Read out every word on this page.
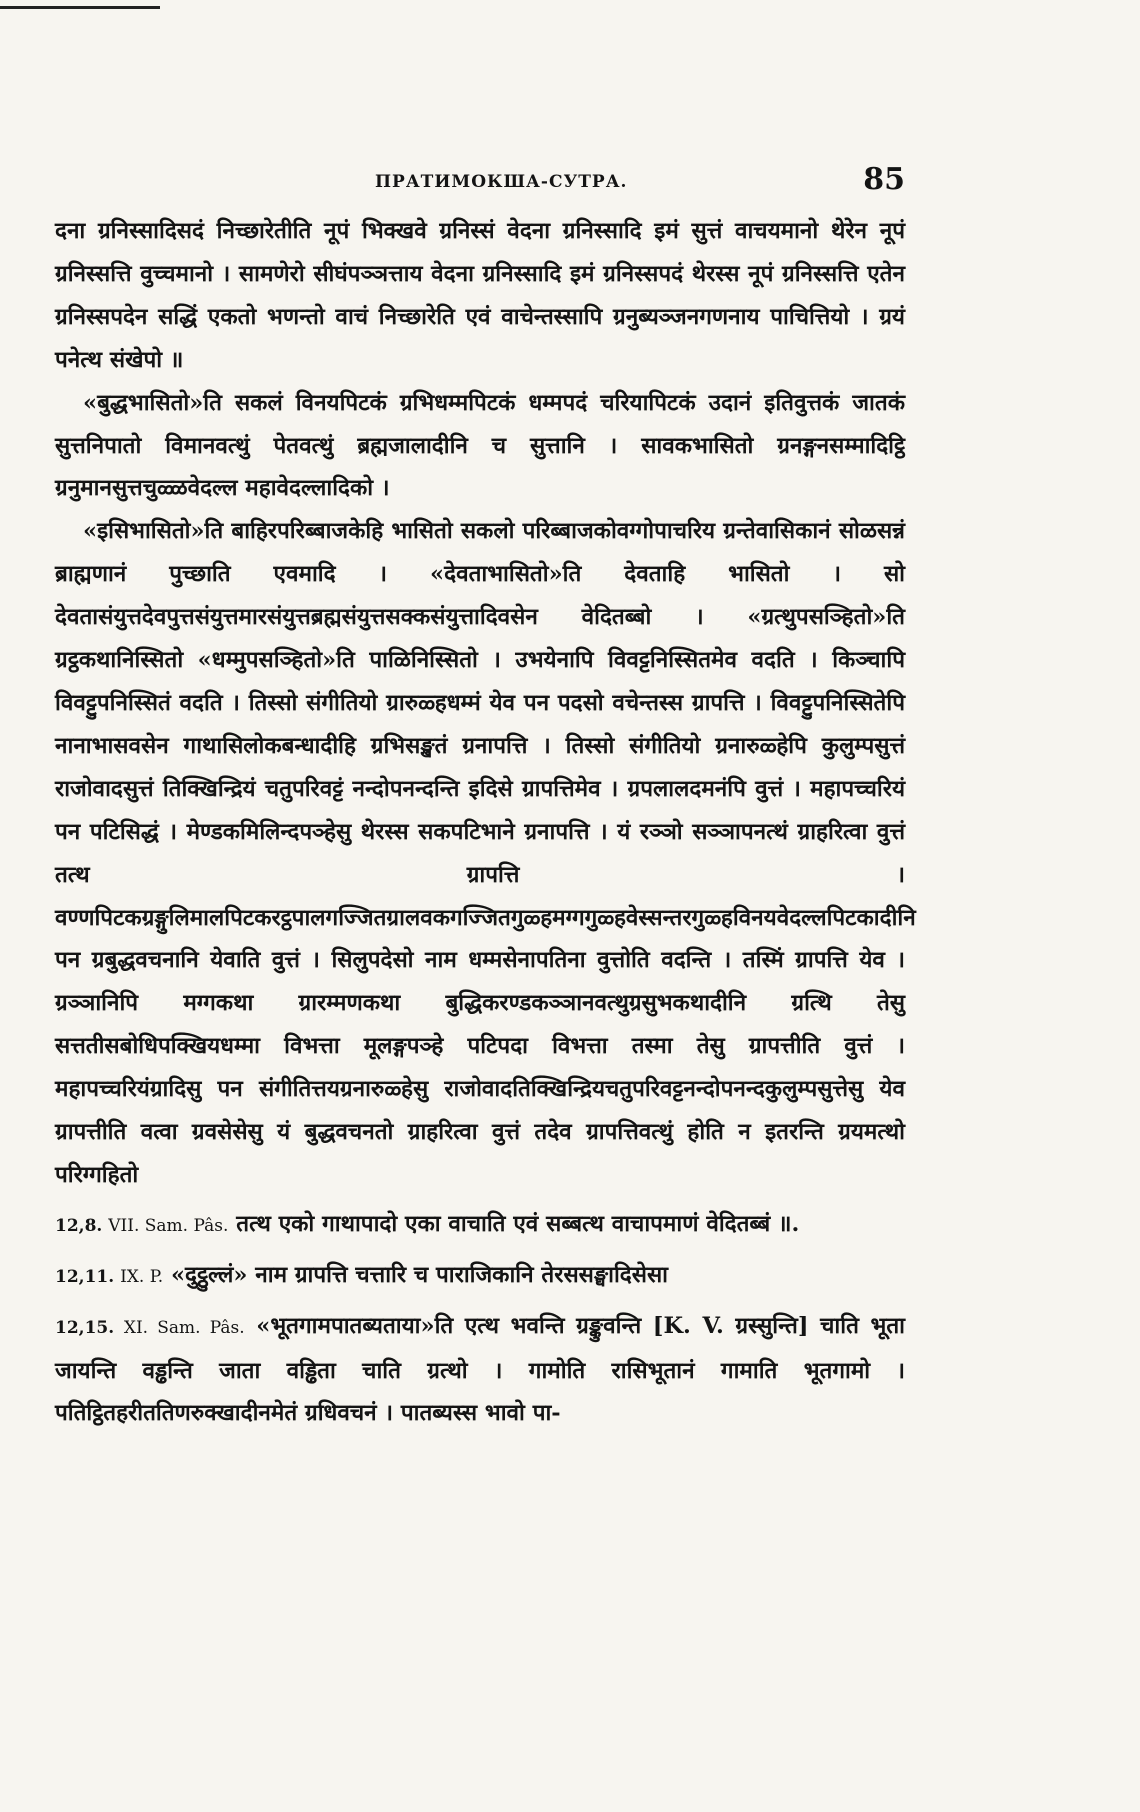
ПРАТИМОКША-СУТРА.	85

दना ग्रनिस्सादिसदं निच्छारेतीति नूपं भिक्खवे ग्रनिस्सं वेदना ग्रनिस्सादि इमं सुत्तं वाचयमानो थेरेन नूपं ग्रनिस्सत्ति वुच्चमानो । सामणेरो सीघंपञ्ञत्ताय वेदना ग्रनिस्सादि इमं ग्रनिस्सपदं थेरस्स नूपं ग्रनिस्सत्ति एतेन ग्रनिस्सपदेन सद्धिं एकतो भणन्तो वाचं निच्छारेति एवं वाचेन्तस्सापि ग्रनुब्यञ्जनगणनाय पाचित्तियो । ग्रयं पनेत्थ संखेपो ॥

«बुद्धभासितो»ति सकलं विनयपिटकं ग्रभिधम्मपिटकं धम्मपदं चरियापिटकं उदानं इतिवुत्तकं जातकं सुत्तनिपातो विमानवत्थुं पेतवत्थुं ब्रह्मजालादीनि च सुत्तानि । सावकभासितो ग्रनङ्गनसम्मादिट्ठि ग्रनुमानसुत्तचुळ्ळवेदल्ल महावेदल्लादिको ।

«इसिभासितो»ति बाहिरपरिब्बाजकेहि भासितो सकलो परिब्बाजकोवग्गोपाचरिय ग्रन्तेवासिकानं सोळसन्नं ब्राह्मणानं पुच्छाति एवमादि । «देवताभासितो»ति देवताहि भासितो । सो देवतासंयुत्तदेवपुत्तसंयुत्तमारसंयुत्तब्रह्मसंयुत्तसक्कसंयुत्तादिवसेन वेदितब्बो । «ग्रत्थुपसञ्हितो»ति ग्रट्ठकथानिस्सितो «धम्मुपसञ्हितो»ति पाळिनिस्सितो । उभयेनापि विवट्टनिस्सितमेव वदति । किञ्चापि विवट्टुपनिस्सितं वदति । तिस्सो संगीतियो ग्रारुळ्हधम्मं येव पन पदसो वचेन्तस्स ग्रापत्ति । विवट्टुपनिस्सितेपि नानाभासवसेन गाथासिलोकबन्धादीहि ग्रभिसङ्खतं ग्रनापत्ति । तिस्सो संगीतियो ग्रनारुळ्हेपि कुलुम्पसुत्तं राजोवादसुत्तं तिक्खिन्द्रियं चतुपरिवट्टं नन्दोपनन्दन्ति इदिसे ग्रापत्तिमेव । ग्रपलालदमनंपि वुत्तं । महापच्चरियं पन पटिसिद्धं । मेण्डकमिलिन्दपञ्हेसु थेरस्स सकपटिभाने ग्रनापत्ति । यं रञ्ञो सञ्ञापनत्थं ग्राहरित्वा वुत्तं तत्थ ग्रापत्ति । वण्णपिटकग्रङ्गुलिमालपिटकरट्ठपालगज्जितग्रालवकगज्जितगुळ्हमग्गगुळ्हवेस्सन्तरगुळ्हविनयवेदल्लपिटकादीनि पन ग्रबुद्धवचनानि येवाति वुत्तं । सिलुपदेसो नाम धम्मसेनापतिना वुत्तोति वदन्ति । तस्मिं ग्रापत्ति येव । ग्रञ्ञानिपि मग्गकथा ग्रारम्मणकथा बुद्धिकरण्डकञ्ञानवत्थुग्रसुभकथादीनि ग्रत्थि तेसु सत्ततीसबोधिपक्खियधम्मा विभत्ता मूलङ्गपञ्हे पटिपदा विभत्ता तस्मा तेसु ग्रापत्तीति वुत्तं । महापच्चरियंग्रादिसु पन संगीतित्तयग्रनारुळ्हेसु राजोवादतिक्खिन्द्रियचतुपरिवट्टनन्दोपनन्दकुलुम्पसुत्तेसु येव ग्रापत्तीति वत्वा ग्रवसेसेसु यं बुद्धवचनतो ग्राहरित्वा वुत्तं तदेव ग्रापत्तिवत्थुं होति न इतरन्ति ग्रयमत्थो परिग्गहितो

12,8. VII. Sam. Pâs. तत्थ एको गाथापादो एका वाचाति एवं सब्बत्थ वाचापमाणं वेदितब्बं ॥.

12,11. IX. P. «दुट्ठुल्लं» नाम ग्रापत्ति चत्तारि च पाराजिकानि तेरससङ्घादिसेसा

12,15. XI. Sam. Pâs. «भूतगामपातब्यताया»ति एत्थ भवन्ति ग्रङ्कुवन्ति [K. V. ग्रस्सुन्ति] चाति भूता जायन्ति वड्ढन्ति जाता वड्ढिता चाति ग्रत्थो । गामोति रासिभूतानं गामाति भूतगामो । पतिट्ठितहरीततिणरुक्खादीनमेतं ग्रधिवचनं । पातब्यस्स भावो पा-
